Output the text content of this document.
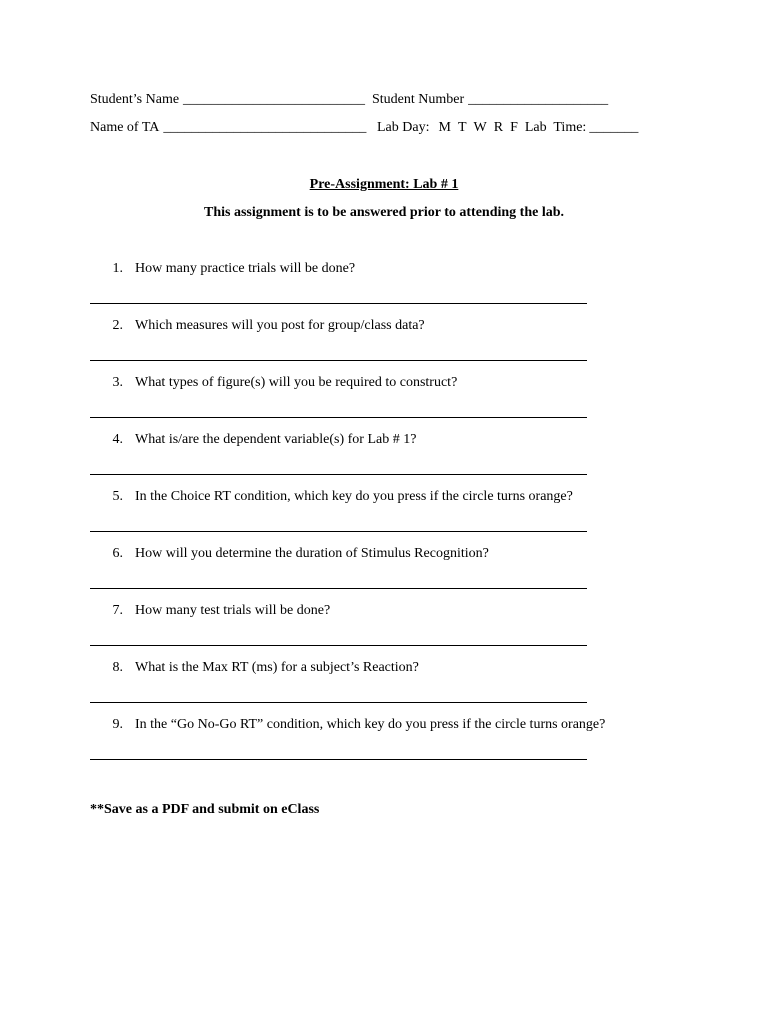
Student’s Name __________________________ Student Number ____________________
Name of TA _____________________________ Lab Day: M T W R F Lab  Time: _______
Pre-Assignment: Lab # 1
This assignment is to be answered prior to attending the lab.
1. How many practice trials will be done?
2. Which measures will you post for group/class data?
3. What types of figure(s) will you be required to construct?
4. What is/are the dependent variable(s) for Lab # 1?
5. In the Choice RT condition, which key do you press if the circle turns orange?
6. How will you determine the duration of Stimulus Recognition?
7. How many test trials will be done?
8. What is the Max RT (ms) for a subject’s Reaction?
9. In the “Go No-Go RT” condition, which key do you press if the circle turns orange?
**Save as a PDF and submit on eClass
